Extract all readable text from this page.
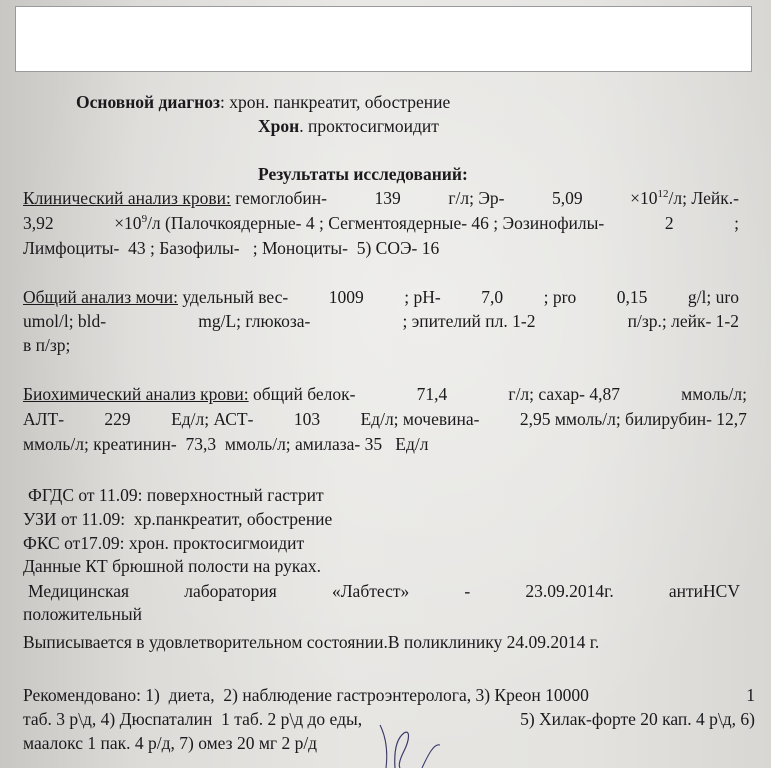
Основной диагноз: хрон. панкреатит, обострение
Хрон. проктосигмоидит
Результаты исследований:
Клинический анализ крови: гемоглобин-	139	г/л; Эр-	5,09	$\times 10^{12}/л$; Лейк.-
3,92	$\times 10^9/л$ (Палочкоядерные- 4 ; Сегментоядерные- 46 ; Эозинофилы-	2	;
Лимфоциты-  43 ; Базофилы-   ; Моноциты-  5) СОЭ- 16
Общий анализ мочи: удельный вес- 1009 ; pH- 7,0 ; pro 0,15 g/l; uro
umol/l; bld-	mg/L; глюкоза-	; эпителий пл. 1-2	п/зр.; лейк- 1-2
в п/зр;
Биохимический анализ крови: общий белок-	71,4	г/л; сахар- 4,87	ммоль/л;
АЛТ- 229 Ед/л; АСТ- 103 Ед/л; мочевина- 2,95 ммоль/л; билирубин- 12,7
ммоль/л; креатинин-  73,3  ммоль/л; амилаза- 35   Ед/л
ФГДС от 11.09: поверхностный гастрит
УЗИ от 11.09:  хр.панкреатит, обострение
ФКС от17.09: хрон. проктосигмоидит
Данные КТ брюшной полости на руках.
Медицинская	лаборатория	«Лабтест»	-	23.09.2014г.	антиHCV
положительный
Выписывается в удовлетворительном состоянии.В поликлинику 24.09.2014 г.
Рекомендовано: 1)  диета,  2) наблюдение гастроэнтеролога, 3) Креон 10000	1
таб. 3 р\д, 4) Дюспаталин  1 таб. 2 р\д до еды,	5) Хилак-форте 20 кап. 4 р\д, 6)
маалокс 1 пак. 4 р/д, 7) омез 20 мг 2 р/д
